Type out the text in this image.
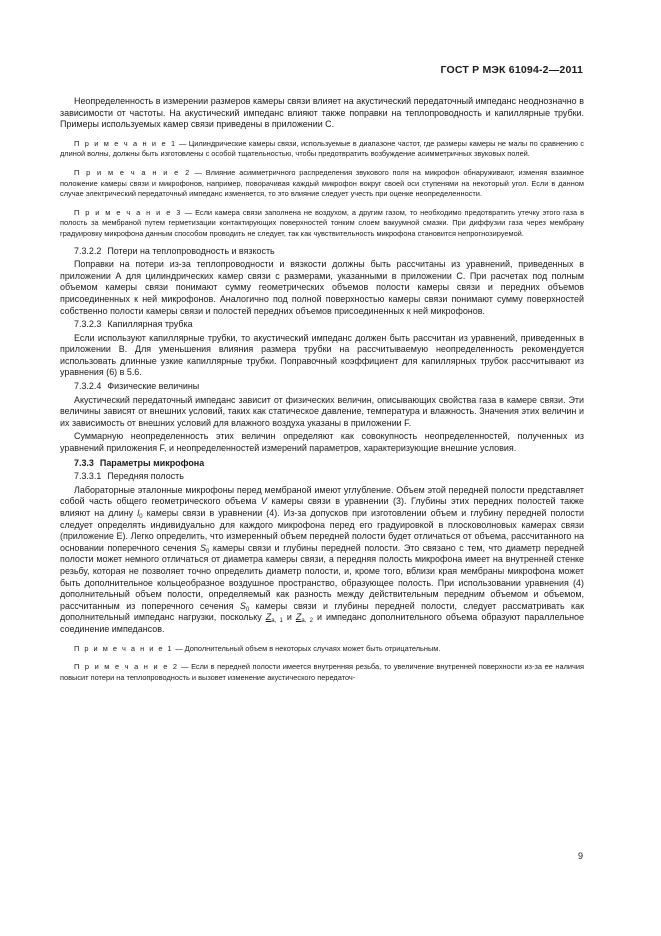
ГОСТ Р МЭК 61094-2—2011

Неопределенность в измерении размеров камеры связи влияет на акустический передаточный импеданс неоднозначно в зависимости от частоты. На акустический импеданс влияют также поправки на теплопроводность и капиллярные трубки. Примеры используемых камер связи приведены в приложении С.

П р и м е ч а н и е 1 — Цилиндрические камеры связи, используемые в диапазоне частот, где размеры камеры не малы по сравнению с длиной волны, должны быть изготовлены с особой тщательностью, чтобы предотвратить возбуждение асимметричных звуковых полей.

П р и м е ч а н и е 2 — Влияние асимметричного распределения звукового поля на микрофон обнаруживают, изменяя взаимное положение камеры связи и микрофонов, например, поворачивая каждый микрофон вокруг своей оси ступенями на некоторый угол. Если в данном случае электрический передаточный импеданс изменяется, то это влияние следует учесть при оценке неопределенности.

П р и м е ч а н и е 3 — Если камера связи заполнена не воздухом, а другим газом, то необходимо предотвратить утечку этого газа в полость за мембраной путем герметизации контактирующих поверхностей тонким слоем вакуумной смазки. При диффузии газа через мембрану градуировку микрофона данным способом проводить не следует, так как чувствительность микрофона становится непрогнозируемой.

7.3.2.2 Потери на теплопроводность и вязкость

Поправки на потери из-за теплопроводности и вязкости должны быть рассчитаны из уравнений, приведенных в приложении А для цилиндрических камер связи с размерами, указанными в приложении С. При расчетах под полным объемом камеры связи понимают сумму геометрических объемов полости камеры связи и передних объемов присоединенных к ней микрофонов. Аналогично под полной поверхностью камеры связи понимают сумму поверхностей собственно полости камеры связи и полостей передних объемов присоединенных к ней микрофонов.

7.3.2.3 Капиллярная трубка

Если используют капиллярные трубки, то акустический импеданс должен быть рассчитан из уравнений, приведенных в приложении В. Для уменьшения влияния размера трубки на рассчитываемую неопределенность рекомендуется использовать длинные узкие капиллярные трубки. Поправочный коэффициент для капиллярных трубок рассчитывают из уравнения (6) в 5.6.

7.3.2.4 Физические величины

Акустический передаточный импеданс зависит от физических величин, описывающих свойства газа в камере связи. Эти величины зависят от внешних условий, таких как статическое давление, температура и влажность. Значения этих величин и их зависимость от внешних условий для влажного воздуха указаны в приложении F.

Суммарную неопределенность этих величин определяют как совокупность неопределенностей, полученных из уравнений приложения F, и неопределенностей измерений параметров, характеризующие внешние условия.

7.3.3 Параметры микрофона
7.3.3.1 Передняя полость

Лабораторные эталонные микрофоны перед мембраной имеют углубление. Объем этой передней полости представляет собой часть общего геометрического объема V камеры связи в уравнении (3). Глубины этих передних полостей также влияют на длину $l_0$ камеры связи в уравнении (4). Из-за допусков при изготовлении объем и глубину передней полости следует определять индивидуально для каждого микрофона перед его градуировкой в плосковолновых камерах связи (приложение Е). Легко определить, что измеренный объем передней полости будет отличаться от объема, рассчитанного на основании поперечного сечения $S_0$ камеры связи и глубины передней полости. Это связано с тем, что диаметр передней полости может немного отличаться от диаметра камеры связи, а передняя полость микрофона имеет на внутренней стенке резьбу, которая не позволяет точно определить диаметр полости, и, кроме того, вблизи края мембраны микрофона может быть дополнительное кольцеобразное воздушное пространство, образующее полость. При использовании уравнения (4) дополнительный объем полости, определяемый как разность между действительным передним объемом и объемом, рассчитанным из поперечного сечения $S_0$ камеры связи и глубины передней полости, следует рассматривать как дополнительный импеданс нагрузки, поскольку $Z_{a, 1}$ и $Z_{a, 2}$ и импеданс дополнительного объема образуют параллельное соединение импедансов.

П р и м е ч а н и е 1 — Дополнительный объем в некоторых случаях может быть отрицательным.

П р и м е ч а н и е 2 — Если в передней полости имеется внутренняя резьба, то увеличение внутренней поверхности из-за ее наличия повысит потери на теплопроводность и вызовет изменение акустического передаточ-

9
